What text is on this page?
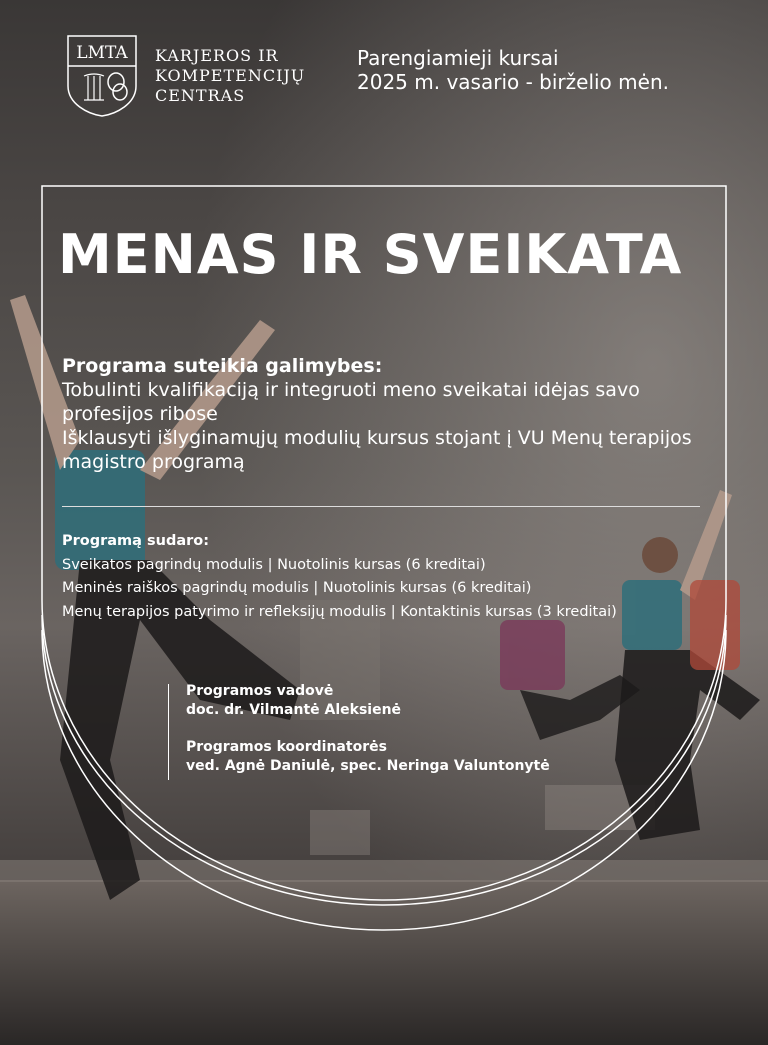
LMTA KARJEROS IR
KOMPETENCIJŲ
CENTRAS
Parengiamieji kursai
2025 m. vasario - birželio mėn.
MENAS IR SVEIKATA
Programa suteikia galimybes:
Tobulinti kvalifikaciją ir integruoti meno sveikatai idėjas savo profesijos ribose
Išklausyti išlyginamųjų modulių kursus stojant į VU Menų terapijos magistro programą
Programą sudaro:
Sveikatos pagrindų modulis | Nuotolinis kursas (6 kreditai)
Meninės raiškos pagrindų modulis | Nuotolinis kursas (6 kreditai)
Menų terapijos patyrimo ir refleksijų modulis | Kontaktinis kursas (3 kreditai)
Programos vadovė
doc. dr. Vilmantė Aleksienė
Programos koordinatorės
ved. Agnė Daniulė, spec. Neringa Valuntonytė
